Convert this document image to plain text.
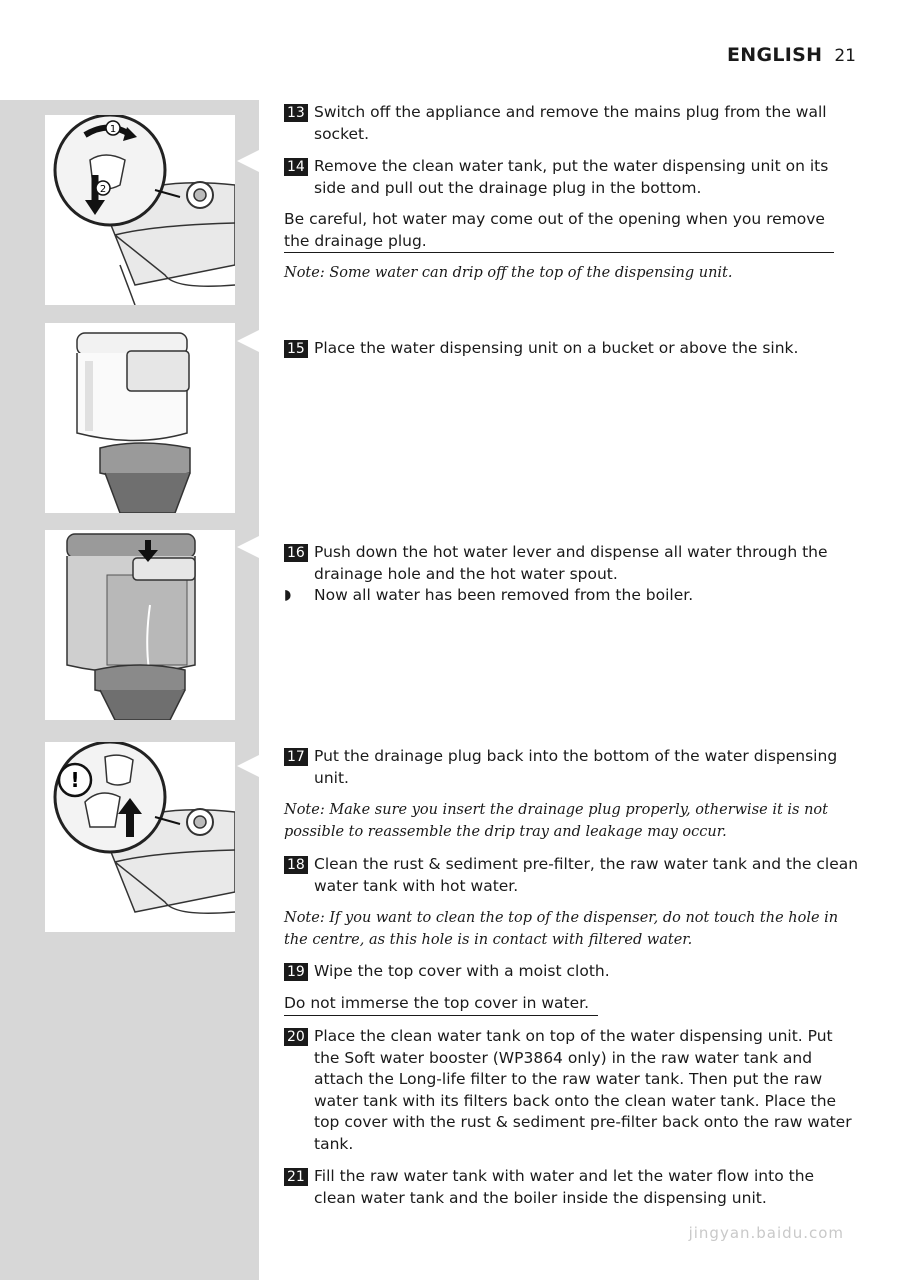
ENGLISH 21
1
2
!
13 Switch off the appliance and remove the mains plug from the wall socket.
14 Remove the clean water tank, put the water dispensing unit on its side and pull out the drainage plug in the bottom.
Be careful, hot water may come out of the opening when you remove the drainage plug.
Note: Some water can drip off the top of the dispensing unit.
15 Place the water dispensing unit on a bucket or above the sink.
16 Push down the hot water lever and dispense all water through the drainage hole and the hot water spout.
◗	Now all water has been removed from the boiler.
17 Put the drainage plug back into the bottom of the water dispensing unit.
Note: Make sure you insert the drainage plug properly, otherwise it is not possible to reassemble the drip tray and leakage may occur.
18 Clean the rust & sediment pre-filter, the raw water tank and the clean water tank with hot water.
Note: If you want to clean the top of the dispenser, do not touch the hole in the centre, as this hole is in contact with filtered water.
19 Wipe the top cover with a moist cloth.
Do not immerse the top cover in water.
20 Place the clean water tank on top of the water dispensing unit. Put the Soft water booster (WP3864 only) in the raw water tank and attach the Long-life filter to the raw water tank. Then put the raw water tank with its filters back onto the clean water tank. Place the top cover with the rust & sediment pre-filter back onto the raw water tank.
21 Fill the raw water tank with water and let the water flow into the clean water tank and the boiler inside the dispensing unit.
jingyan.baidu.com
